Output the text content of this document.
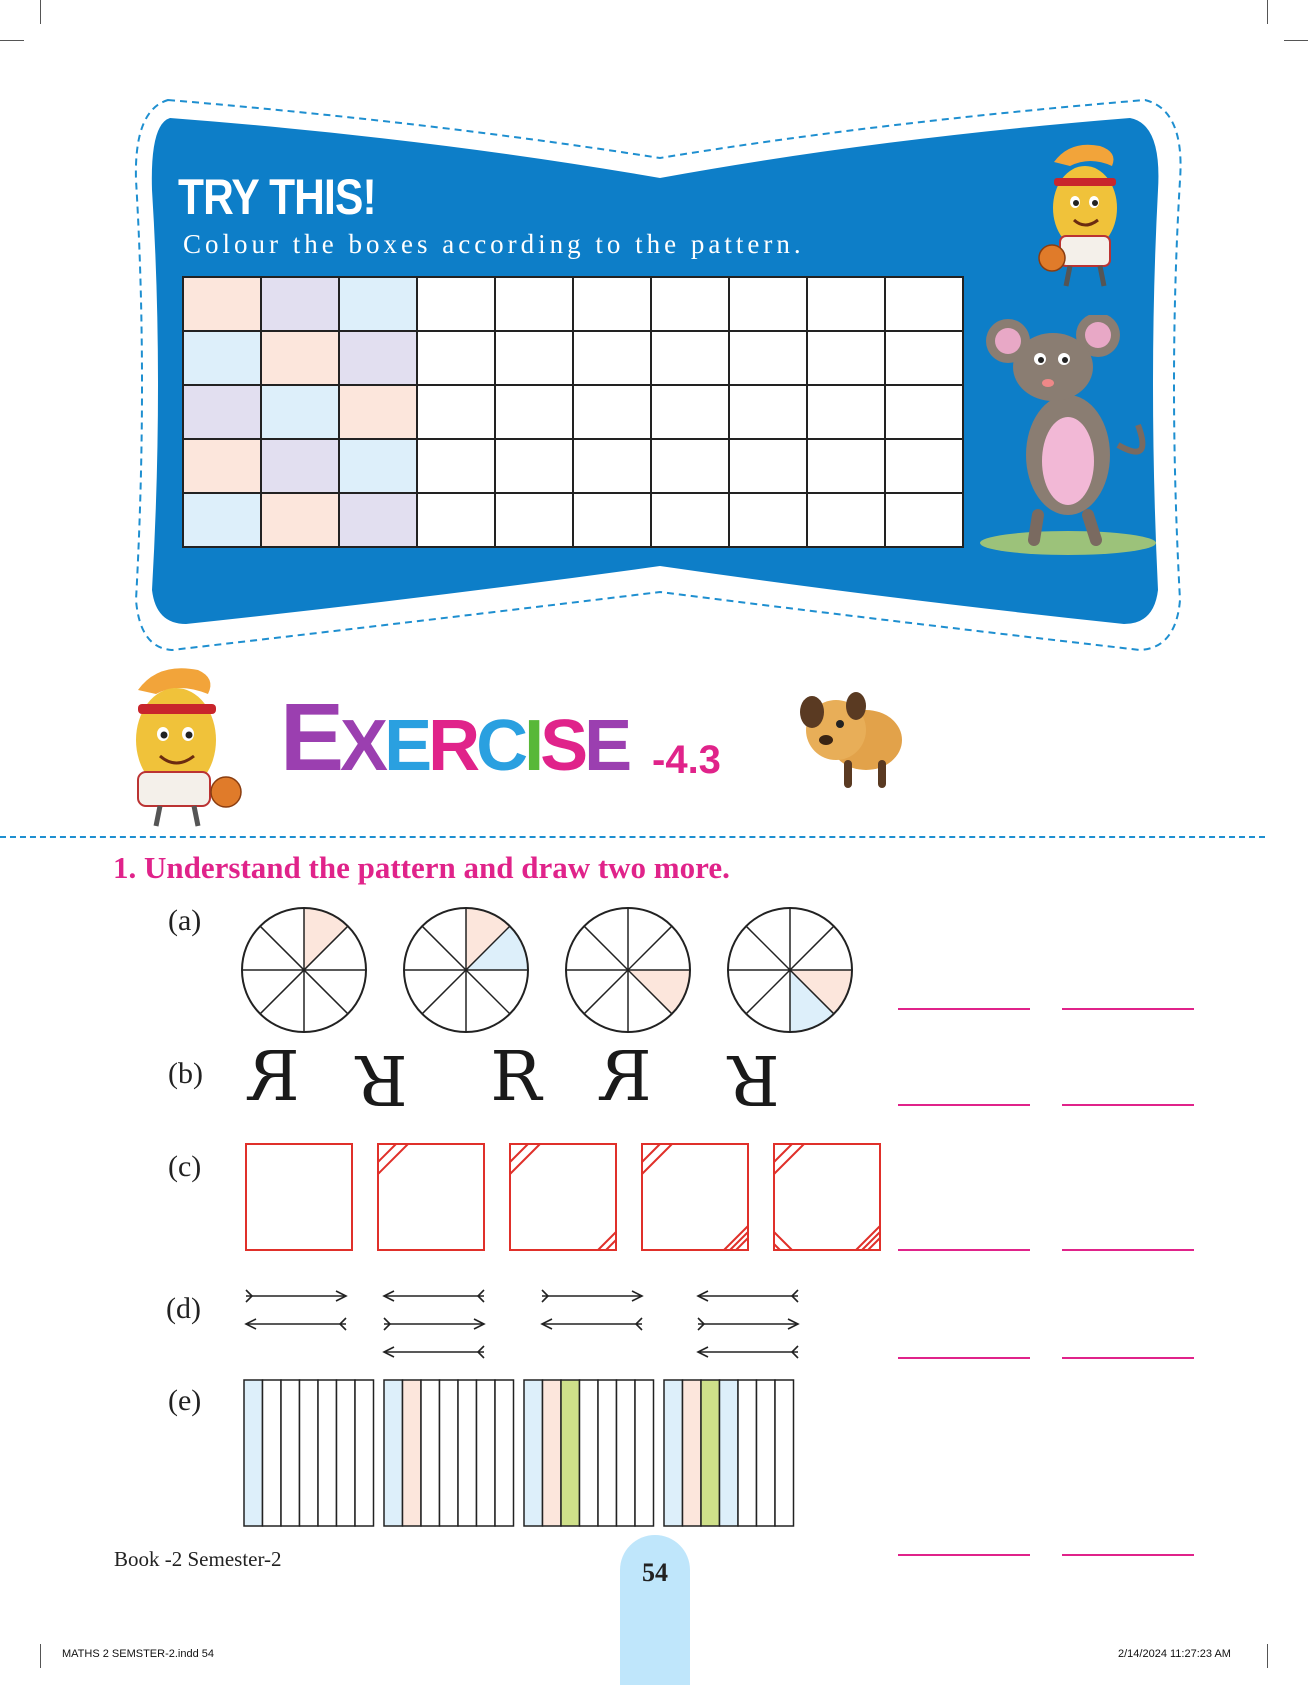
TRY THIS!
Colour the boxes according to the pattern.
EXERCISE -4.3
1. Understand the pattern and draw two more.
(a)
(b)
(c)
(d)
(e)
R R R R R
Book -2 Semester-2	54
MATHS 2 SEMSTER-2.indd 54	2/14/2024 11:27:23 AM
